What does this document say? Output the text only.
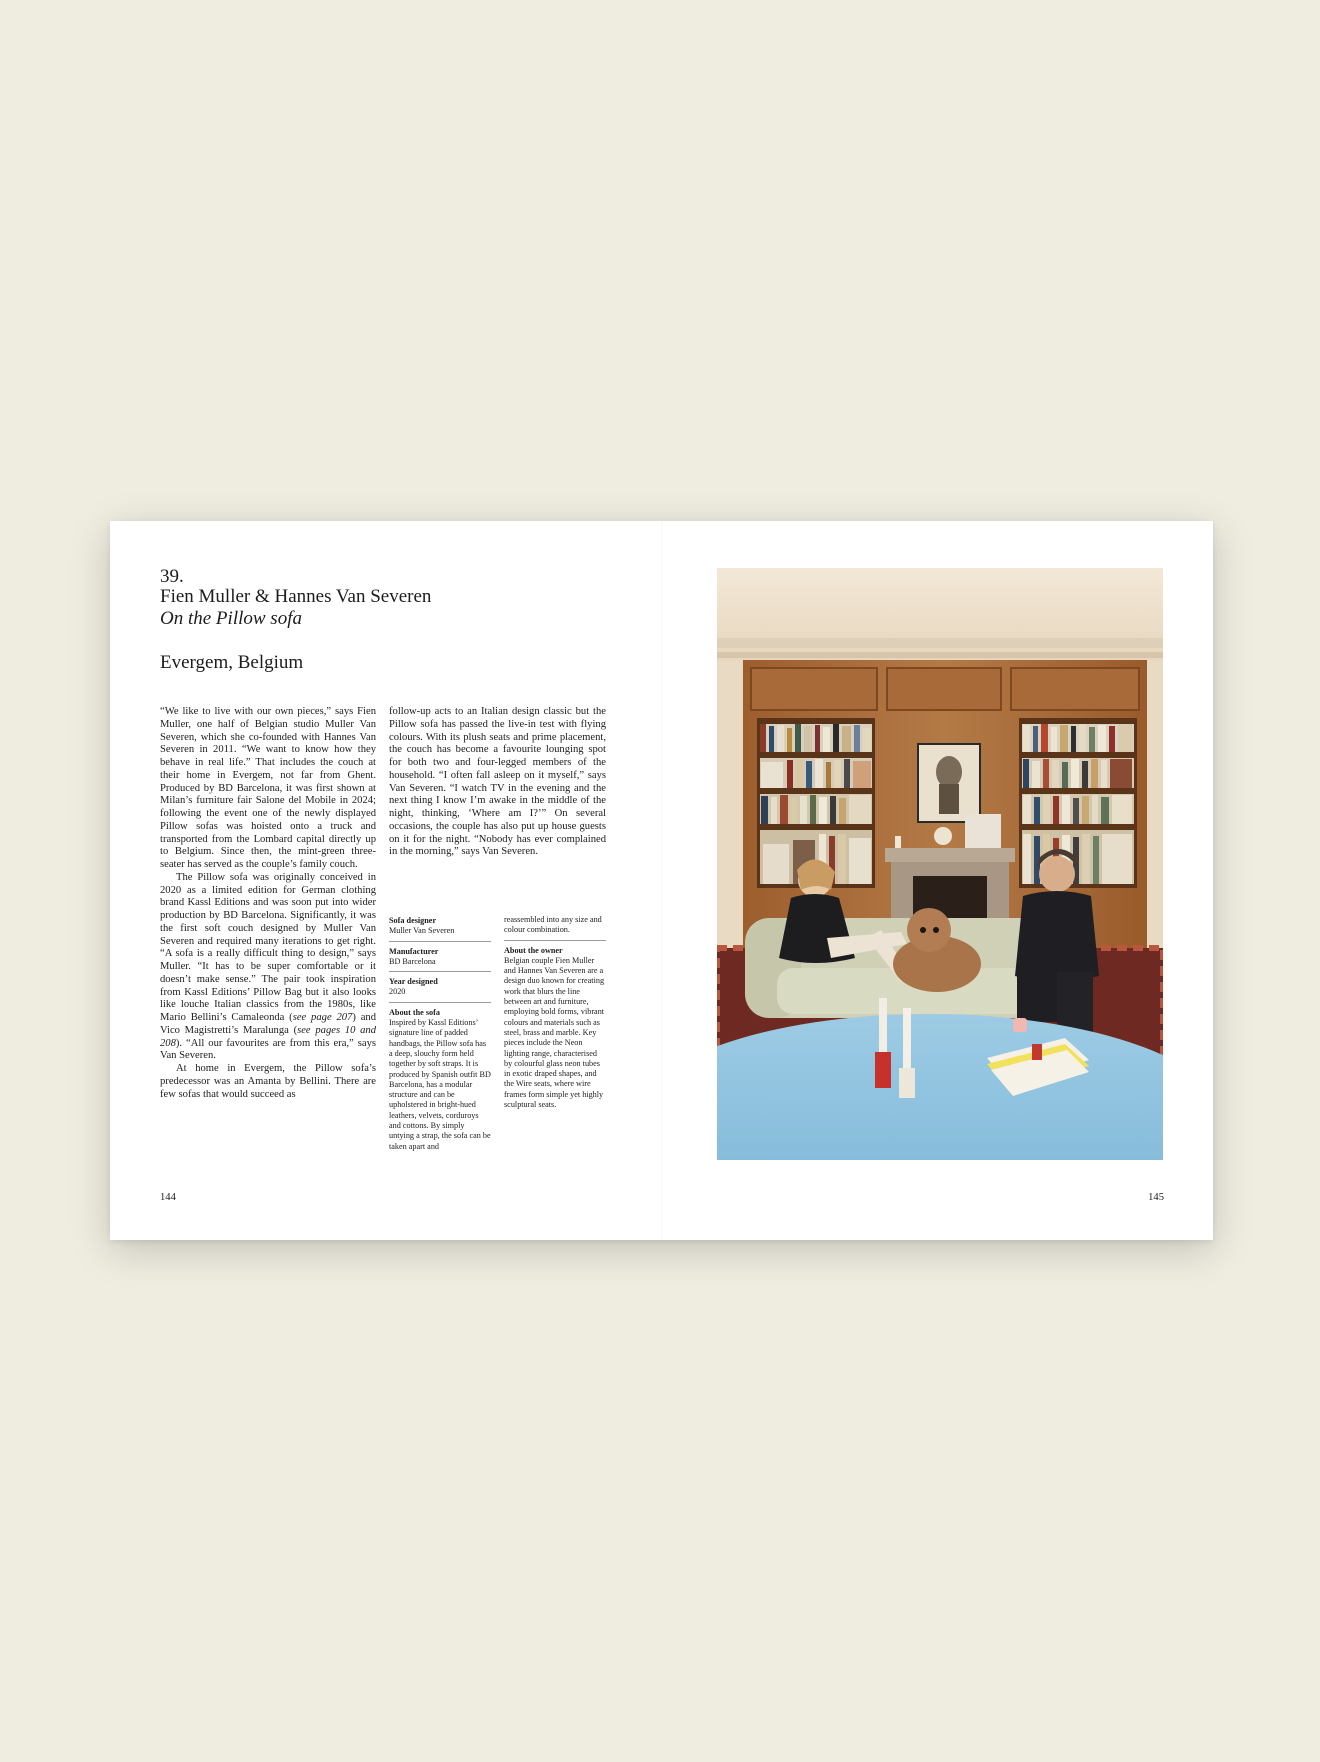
39.
Fien Muller & Hannes Van Severen
On the Pillow sofa
Evergem, Belgium

“We like to live with our own pieces,” says Fien Muller, one half of Belgian studio Muller Van Severen, which she co-founded with Hannes Van Severen in 2011. “We want to know how they behave in real life.” That includes the couch at their home in Evergem, not far from Ghent. Produced by BD Barcelona, it was first shown at Milan’s furniture fair Salone del Mobile in 2024; following the event one of the newly displayed Pillow sofas was hoisted onto a truck and transported from the Lombard capital directly up to Belgium. Since then, the mint-green three-seater has served as the couple’s family couch.

The Pillow sofa was originally conceived in 2020 as a limited edition for German clothing brand Kassl Editions and was soon put into wider production by BD Barcelona. Significantly, it was the first soft couch designed by Muller Van Severen and required many iterations to get right. “A sofa is a really difficult thing to design,” says Muller. “It has to be super comfortable or it doesn’t make sense.” The pair took inspiration from Kassl Editions’ Pillow Bag but it also looks like louche Italian classics from the 1980s, like Mario Bellini’s Camaleonda (see page 207) and Vico Magistretti’s Maralunga (see pages 10 and 208). “All our favourites are from this era,” says Van Severen.

At home in Evergem, the Pillow sofa’s predecessor was an Amanta by Bellini. There are few sofas that would succeed as

follow-up acts to an Italian design classic but the Pillow sofa has passed the live-in test with flying colours. With its plush seats and prime placement, the couch has become a favourite lounging spot for both two and four-legged members of the household. “I often fall asleep on it myself,” says Van Severen. “I watch TV in the evening and the next thing I know I’m awake in the middle of the night, thinking, ‘Where am I?’” On several occasions, the couple has also put up house guests on it for the night. “Nobody has ever complained in the morning,” says Van Severen.

Sofa designer
Muller Van Severen
Manufacturer
BD Barcelona
Year designed
2020
About the sofa
Inspired by Kassl Editions’ signature line of padded handbags, the Pillow sofa has a deep, slouchy form held together by soft straps. It is produced by Spanish outfit BD Barcelona, has a modular structure and can be upholstered in bright-hued leathers, velvets, corduroys and cottons. By simply untying a strap, the sofa can be taken apart and
reassembled into any size and colour combination.
About the owner
Belgian couple Fien Muller and Hannes Van Severen are a design duo known for creating work that blurs the line between art and furniture, employing bold forms, vibrant colours and materials such as steel, brass and marble. Key pieces include the Neon lighting range, characterised by colourful glass neon tubes in exotic draped shapes, and the Wire seats, where wire frames form simple yet highly sculptural seats.
144	145
